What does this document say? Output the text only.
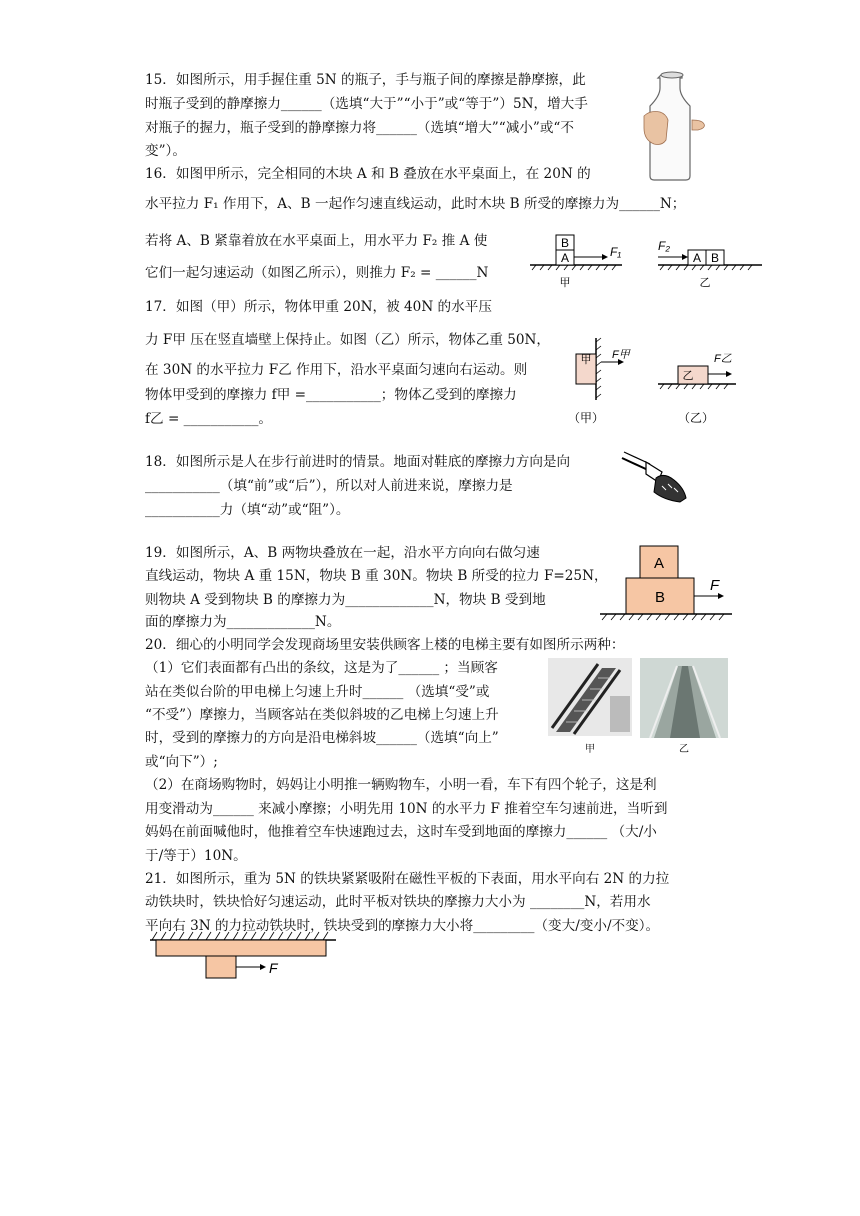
15．如图所示，用手握住重 5N 的瓶子，手与瓶子间的摩擦是静摩擦，此
时瓶子受到的静摩擦力______（选填“大于”“小于”或“等于”）5N，增大手
对瓶子的握力，瓶子受到的静摩擦力将______（选填“增大”“减小”或“不
变”）。
16．如图甲所示，完全相同的木块 A 和 B 叠放在水平桌面上，在 20N 的
水平拉力 F₁ 作用下，A、B 一起作匀速直线运动，此时木块 B 所受的摩擦力为______N；
若将 A、B 紧靠着放在水平桌面上，用水平力 F₂ 推 A 使
它们一起匀速运动（如图乙所示），则推力 F₂ = ______N
B
A	F₁
甲
A B
F₂
乙
17．如图（甲）所示，物体甲重 20N，被 40N 的水平压
力 F甲 压在竖直墙壁上保持止。如图（乙）所示，物体乙重 50N，
在 30N 的水平拉力 F乙 作用下，沿水平桌面匀速向右运动。则
物体甲受到的摩擦力 f甲 =___________；物体乙受到的摩擦力
f乙 = ___________。
甲 F甲
（甲）
乙
F乙
（乙）
18．如图所示是人在步行前进时的情景。地面对鞋底的摩擦力方向是向
___________（填“前”或“后”），所以对人前进来说，摩擦力是
___________力（填“动”或“阻”）。
19．如图所示，A、B 两物块叠放在一起，沿水平方向向右做匀速
直线运动，物块 A 重 15N，物块 B 重 30N。物块 B 所受的拉力 F=25N，
则物块 A 受到物块 B 的摩擦力为_____________N，物块 B 受到地
面的摩擦力为_____________N。
A
B
F
20．细心的小明同学会发现商场里安装供顾客上楼的电梯主要有如图所示两种：
（1）它们表面都有凸出的条纹，这是为了______ ；当顾客
站在类似台阶的甲电梯上匀速上升时______ （选填“受”或
“不受”）摩擦力，当顾客站在类似斜坡的乙电梯上匀速上升
时，受到的摩擦力的方向是沿电梯斜坡______（选填“向上”
或“向下”）;
（2）在商场购物时，妈妈让小明推一辆购物车，小明一看，车下有四个轮子，这是利
用变滑动为______ 来减小摩擦；小明先用 10N 的水平力 F 推着空车匀速前进，当听到
妈妈在前面喊他时，他推着空车快速跑过去，这时车受到地面的摩擦力______ （大/小
于/等于）10N。
甲	乙
21．如图所示，重为 5N 的铁块紧紧吸附在磁性平板的下表面，用水平向右 2N 的力拉
动铁块时，铁块恰好匀速运动，此时平板对铁块的摩擦力大小为 ________N，若用水
平向右 3N 的力拉动铁块时，铁块受到的摩擦力大小将_________（变大/变小/不变）。
F
